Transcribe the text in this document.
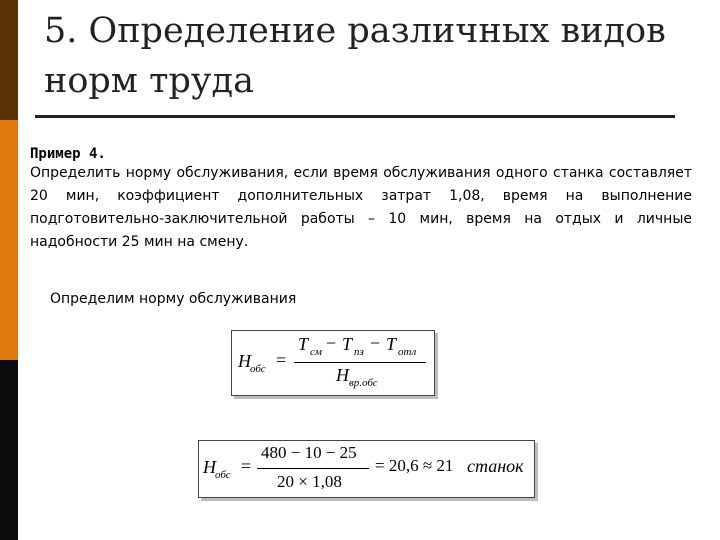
5. Определение различных видов норм труда
Пример 4.
Определить норму обслуживания, если время обслуживания одного станка составляет 20 мин, коэффициент дополнительных затрат 1,08, время на выполнение подготовительно-заключительной работы – 10 мин, время на отдых и личные надобности 25 мин на смену.
Определим норму обслуживания
H обс =
T см − T пз − T отл
H вр.обс
H обс =
480 − 10 − 25
20 × 1,08
= 20,6 ≈ 21 станок
